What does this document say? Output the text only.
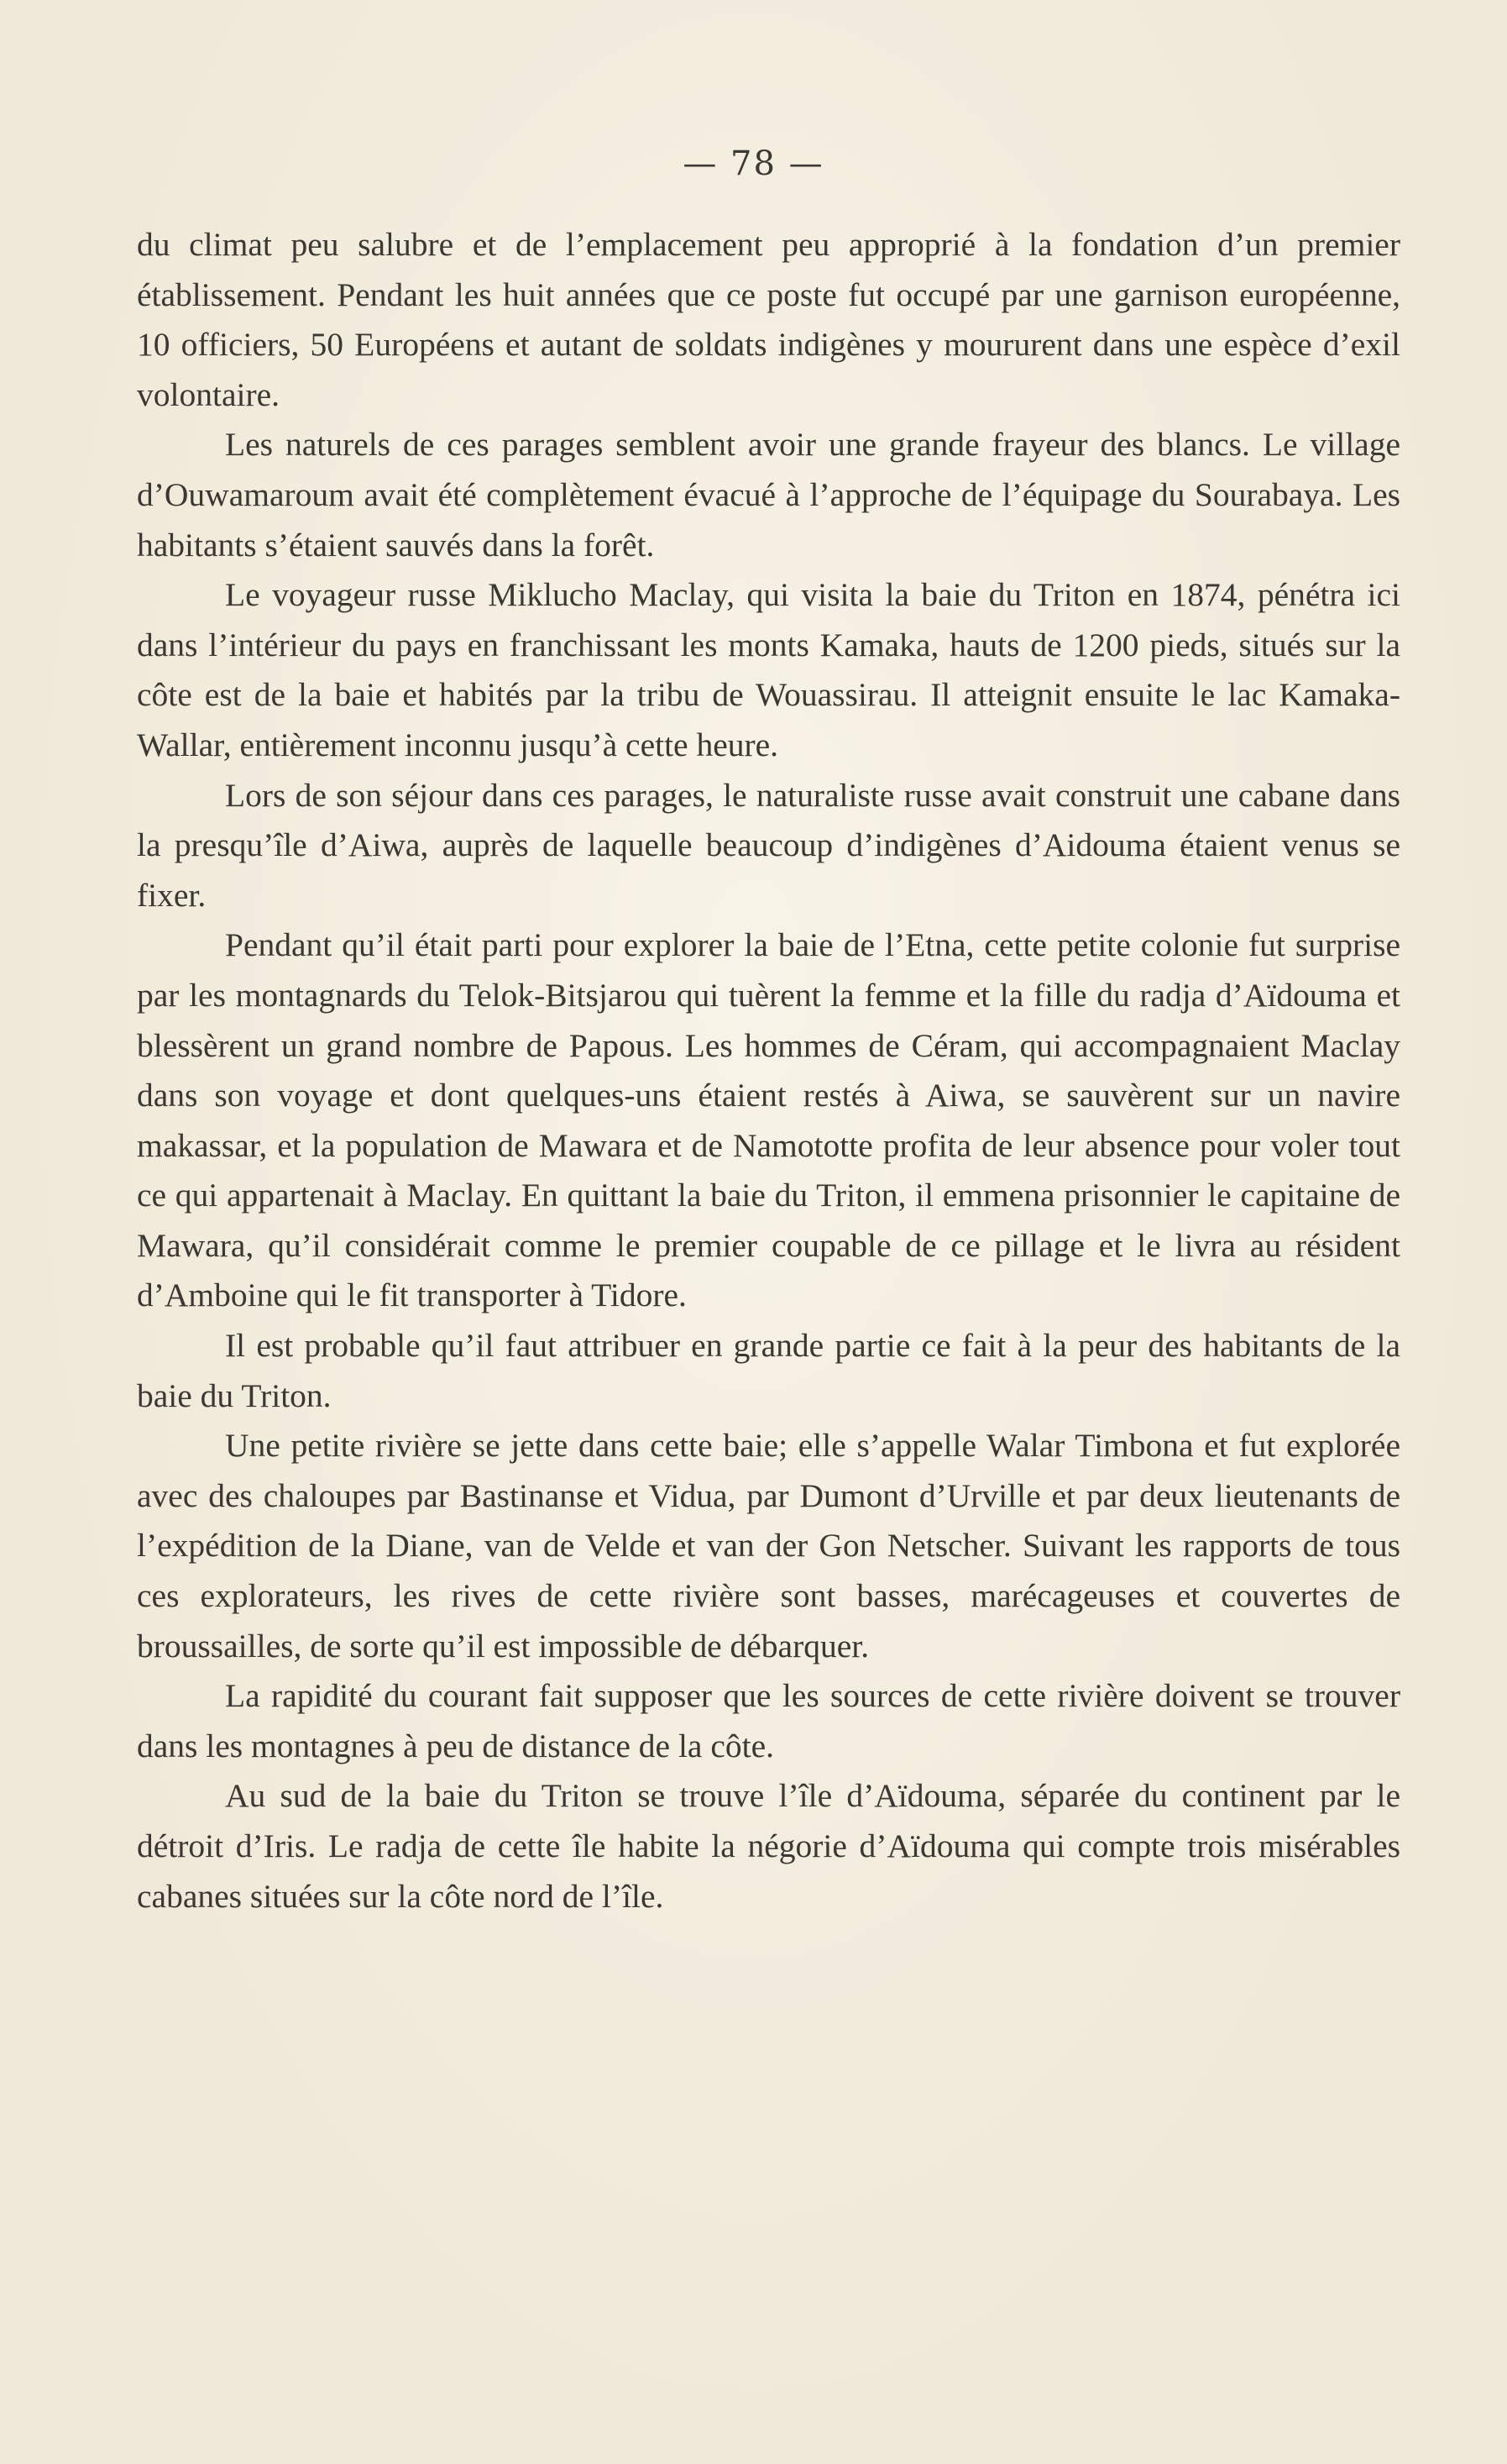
— 78 —

du climat peu salubre et de l’emplacement peu approprié à la fondation d’un premier établissement. Pendant les huit années que ce poste fut occupé par une garnison européenne, 10 officiers, 50 Européens et autant de soldats indigènes y moururent dans une espèce d’exil volontaire.

Les naturels de ces parages semblent avoir une grande frayeur des blancs. Le village d’Ouwamaroum avait été complètement évacué à l’approche de l’équipage du Sourabaya. Les habitants s’étaient sauvés dans la forêt.

Le voyageur russe Miklucho Maclay, qui visita la baie du Triton en 1874, pénétra ici dans l’intérieur du pays en franchissant les monts Kamaka, hauts de 1200 pieds, situés sur la côte est de la baie et habités par la tribu de Wouassirau. Il atteignit ensuite le lac Kamaka-Wallar, entièrement inconnu jusqu’à cette heure.

Lors de son séjour dans ces parages, le naturaliste russe avait construit une cabane dans la presqu’île d’Aiwa, auprès de laquelle beaucoup d’indigènes d’Aidouma étaient venus se fixer.

Pendant qu’il était parti pour explorer la baie de l’Etna, cette petite colonie fut surprise par les montagnards du Telok-Bitsjarou qui tuèrent la femme et la fille du radja d’Aïdouma et blessèrent un grand nombre de Papous. Les hommes de Céram, qui accompagnaient Maclay dans son voyage et dont quelques-uns étaient restés à Aiwa, se sauvèrent sur un navire makassar, et la population de Mawara et de Namototte profita de leur absence pour voler tout ce qui appartenait à Maclay. En quittant la baie du Triton, il emmena prisonnier le capitaine de Mawara, qu’il considérait comme le premier coupable de ce pillage et le livra au résident d’Amboine qui le fit transporter à Tidore.

Il est probable qu’il faut attribuer en grande partie ce fait à la peur des habitants de la baie du Triton.

Une petite rivière se jette dans cette baie; elle s’appelle Walar Timbona et fut explorée avec des chaloupes par Bastinanse et Vidua, par Dumont d’Urville et par deux lieutenants de l’expédition de la Diane, van de Velde et van der Gon Netscher. Suivant les rapports de tous ces explorateurs, les rives de cette rivière sont basses, marécageuses et couvertes de broussailles, de sorte qu’il est impossible de débarquer.

La rapidité du courant fait supposer que les sources de cette rivière doivent se trouver dans les montagnes à peu de distance de la côte.

Au sud de la baie du Triton se trouve l’île d’Aïdouma, séparée du continent par le détroit d’Iris. Le radja de cette île habite la négorie d’Aïdouma qui compte trois misérables cabanes situées sur la côte nord de l’île.
